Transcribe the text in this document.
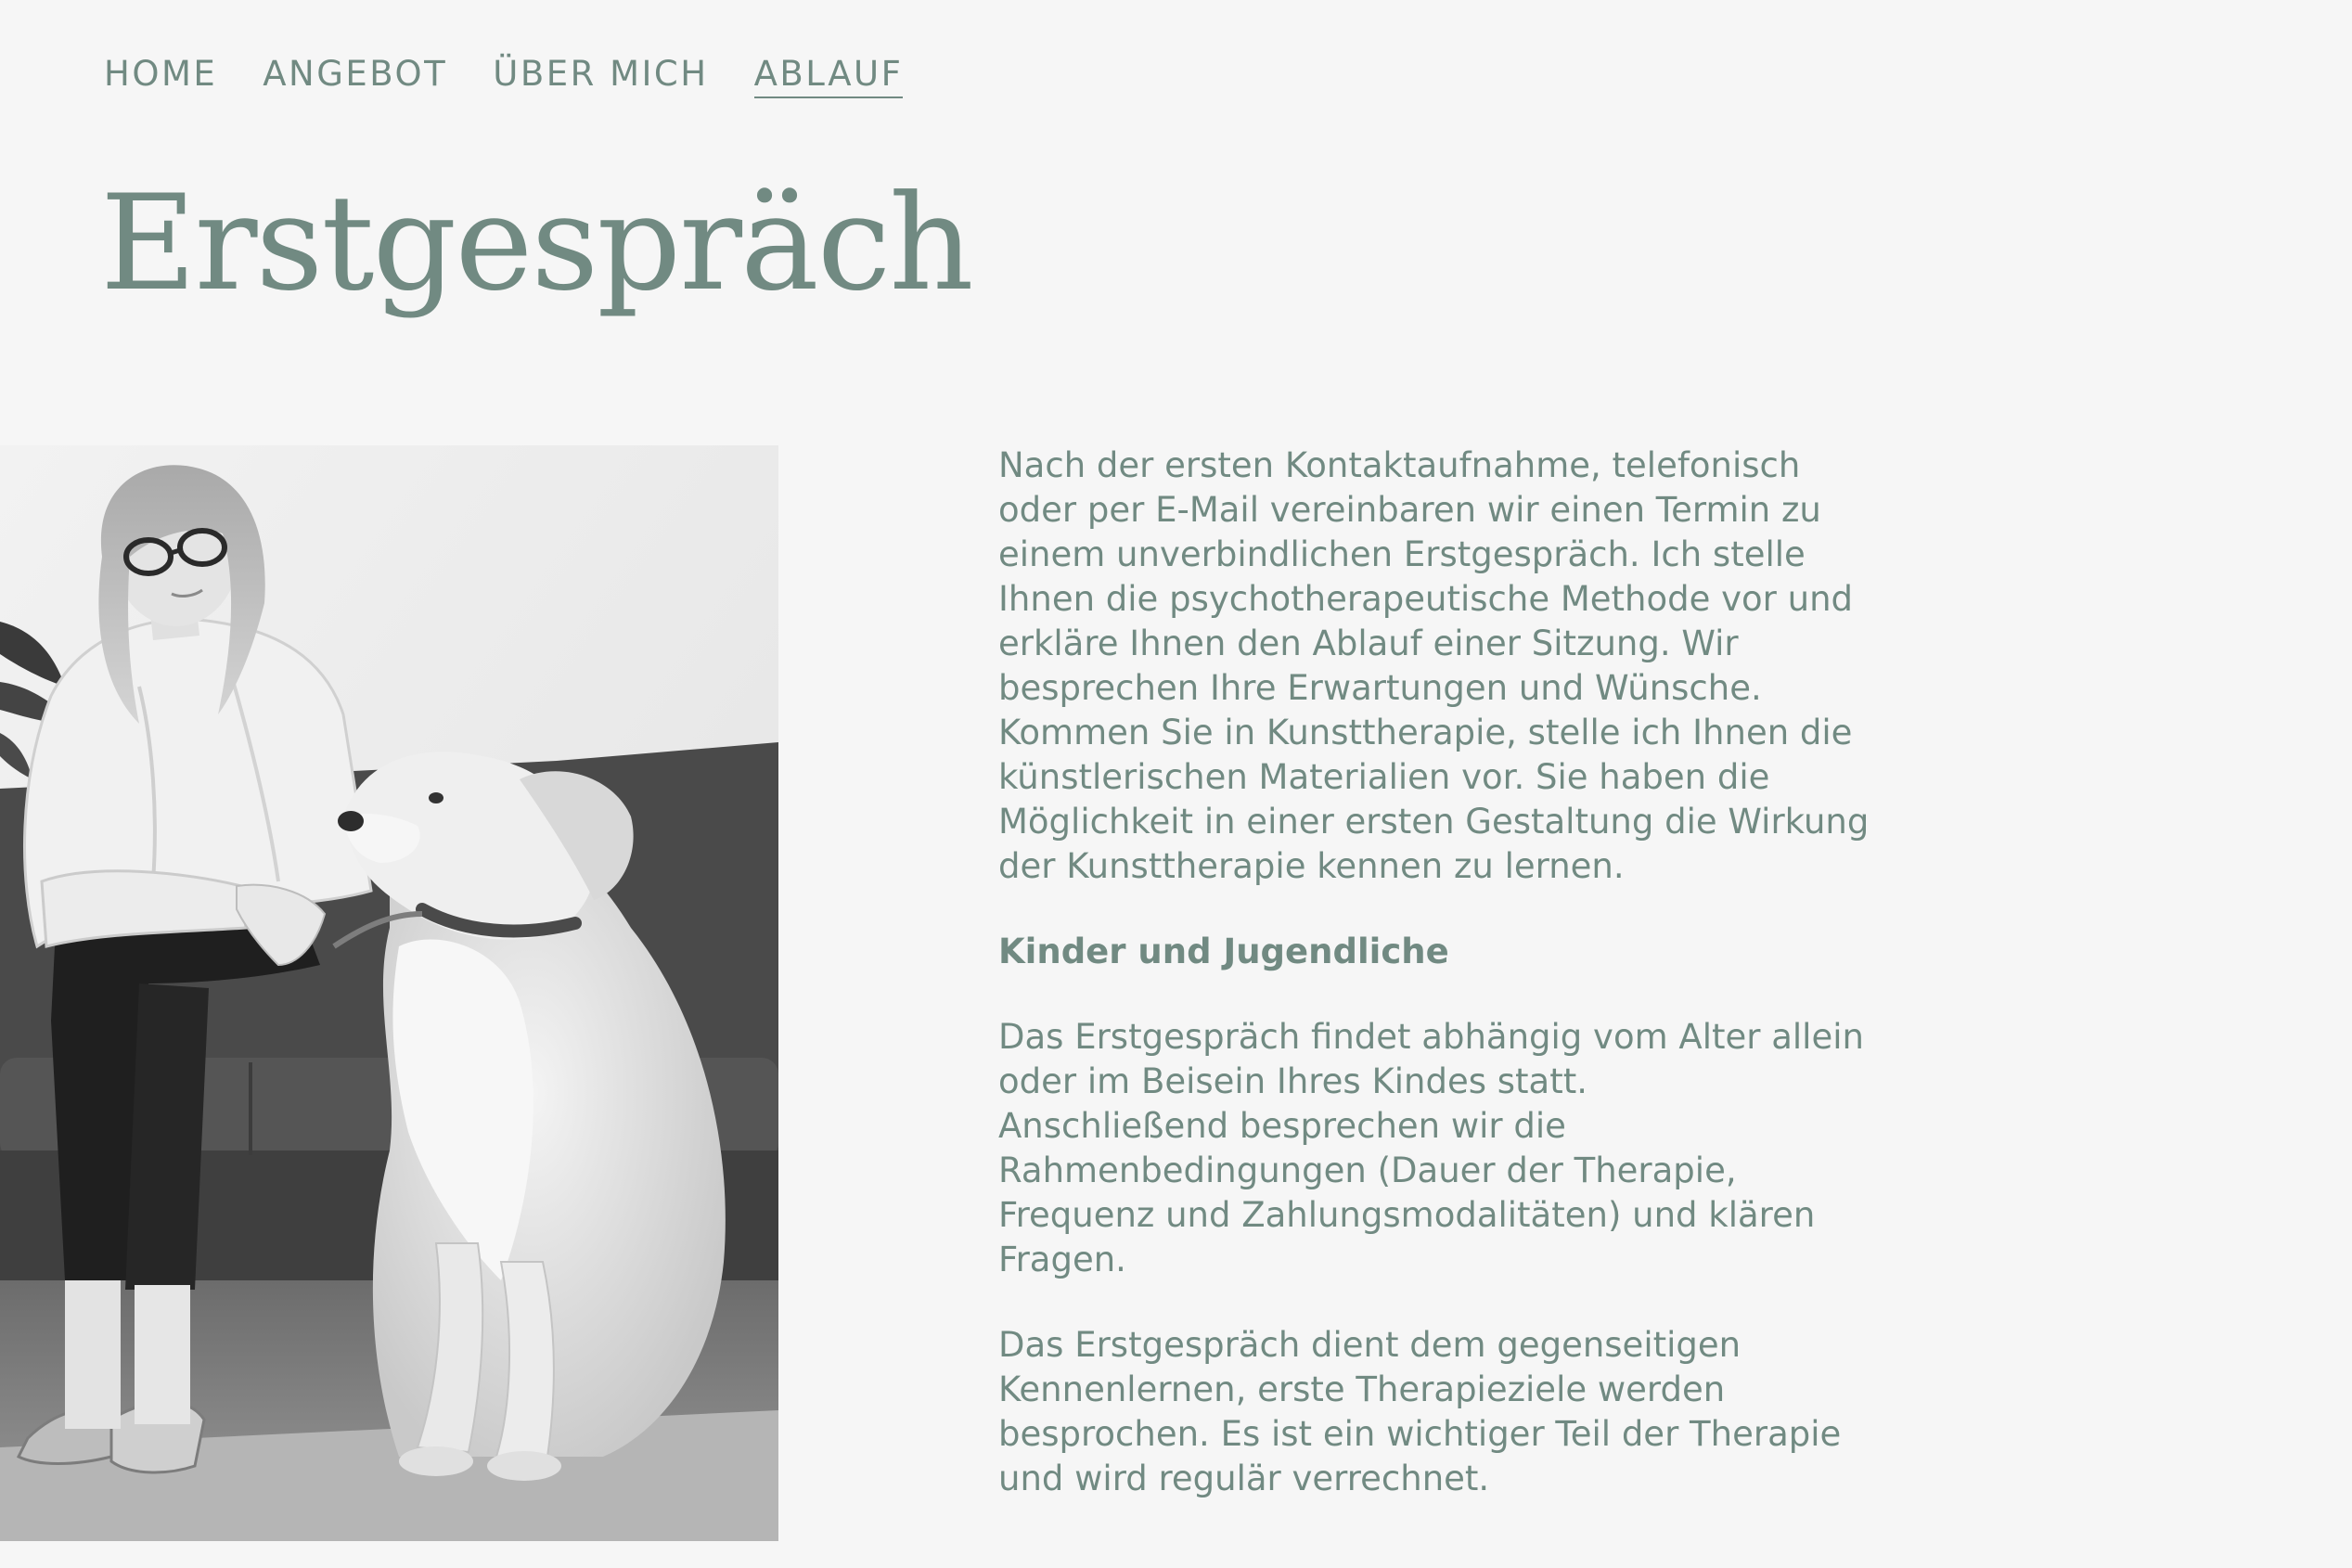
HOME ANGEBOT ÜBER MICH ABLAUF
Erstgespräch

Nach der ersten Kontaktaufnahme, telefonisch oder per E-Mail vereinbaren wir einen Termin zu einem unverbindlichen Erstgespräch. Ich stelle Ihnen die psychotherapeutische Methode vor und erkläre Ihnen den Ablauf einer Sitzung. Wir besprechen Ihre Erwartungen und Wünsche.
Kommen Sie in Kunsttherapie, stelle ich Ihnen die künstlerischen Materialien vor. Sie haben die Möglichkeit in einer ersten Gestaltung die Wirkung der Kunsttherapie kennen zu lernen.

Kinder und Jugendliche

Das Erstgespräch findet abhängig vom Alter allein oder im Beisein Ihres Kindes statt.
Anschließend besprechen wir die Rahmenbedingungen (Dauer der Therapie, Frequenz und Zahlungsmodalitäten) und klären Fragen.

Das Erstgespräch dient dem gegenseitigen Kennenlernen, erste Therapieziele werden besprochen. Es ist ein wichtiger Teil der Therapie und wird regulär verrechnet.
